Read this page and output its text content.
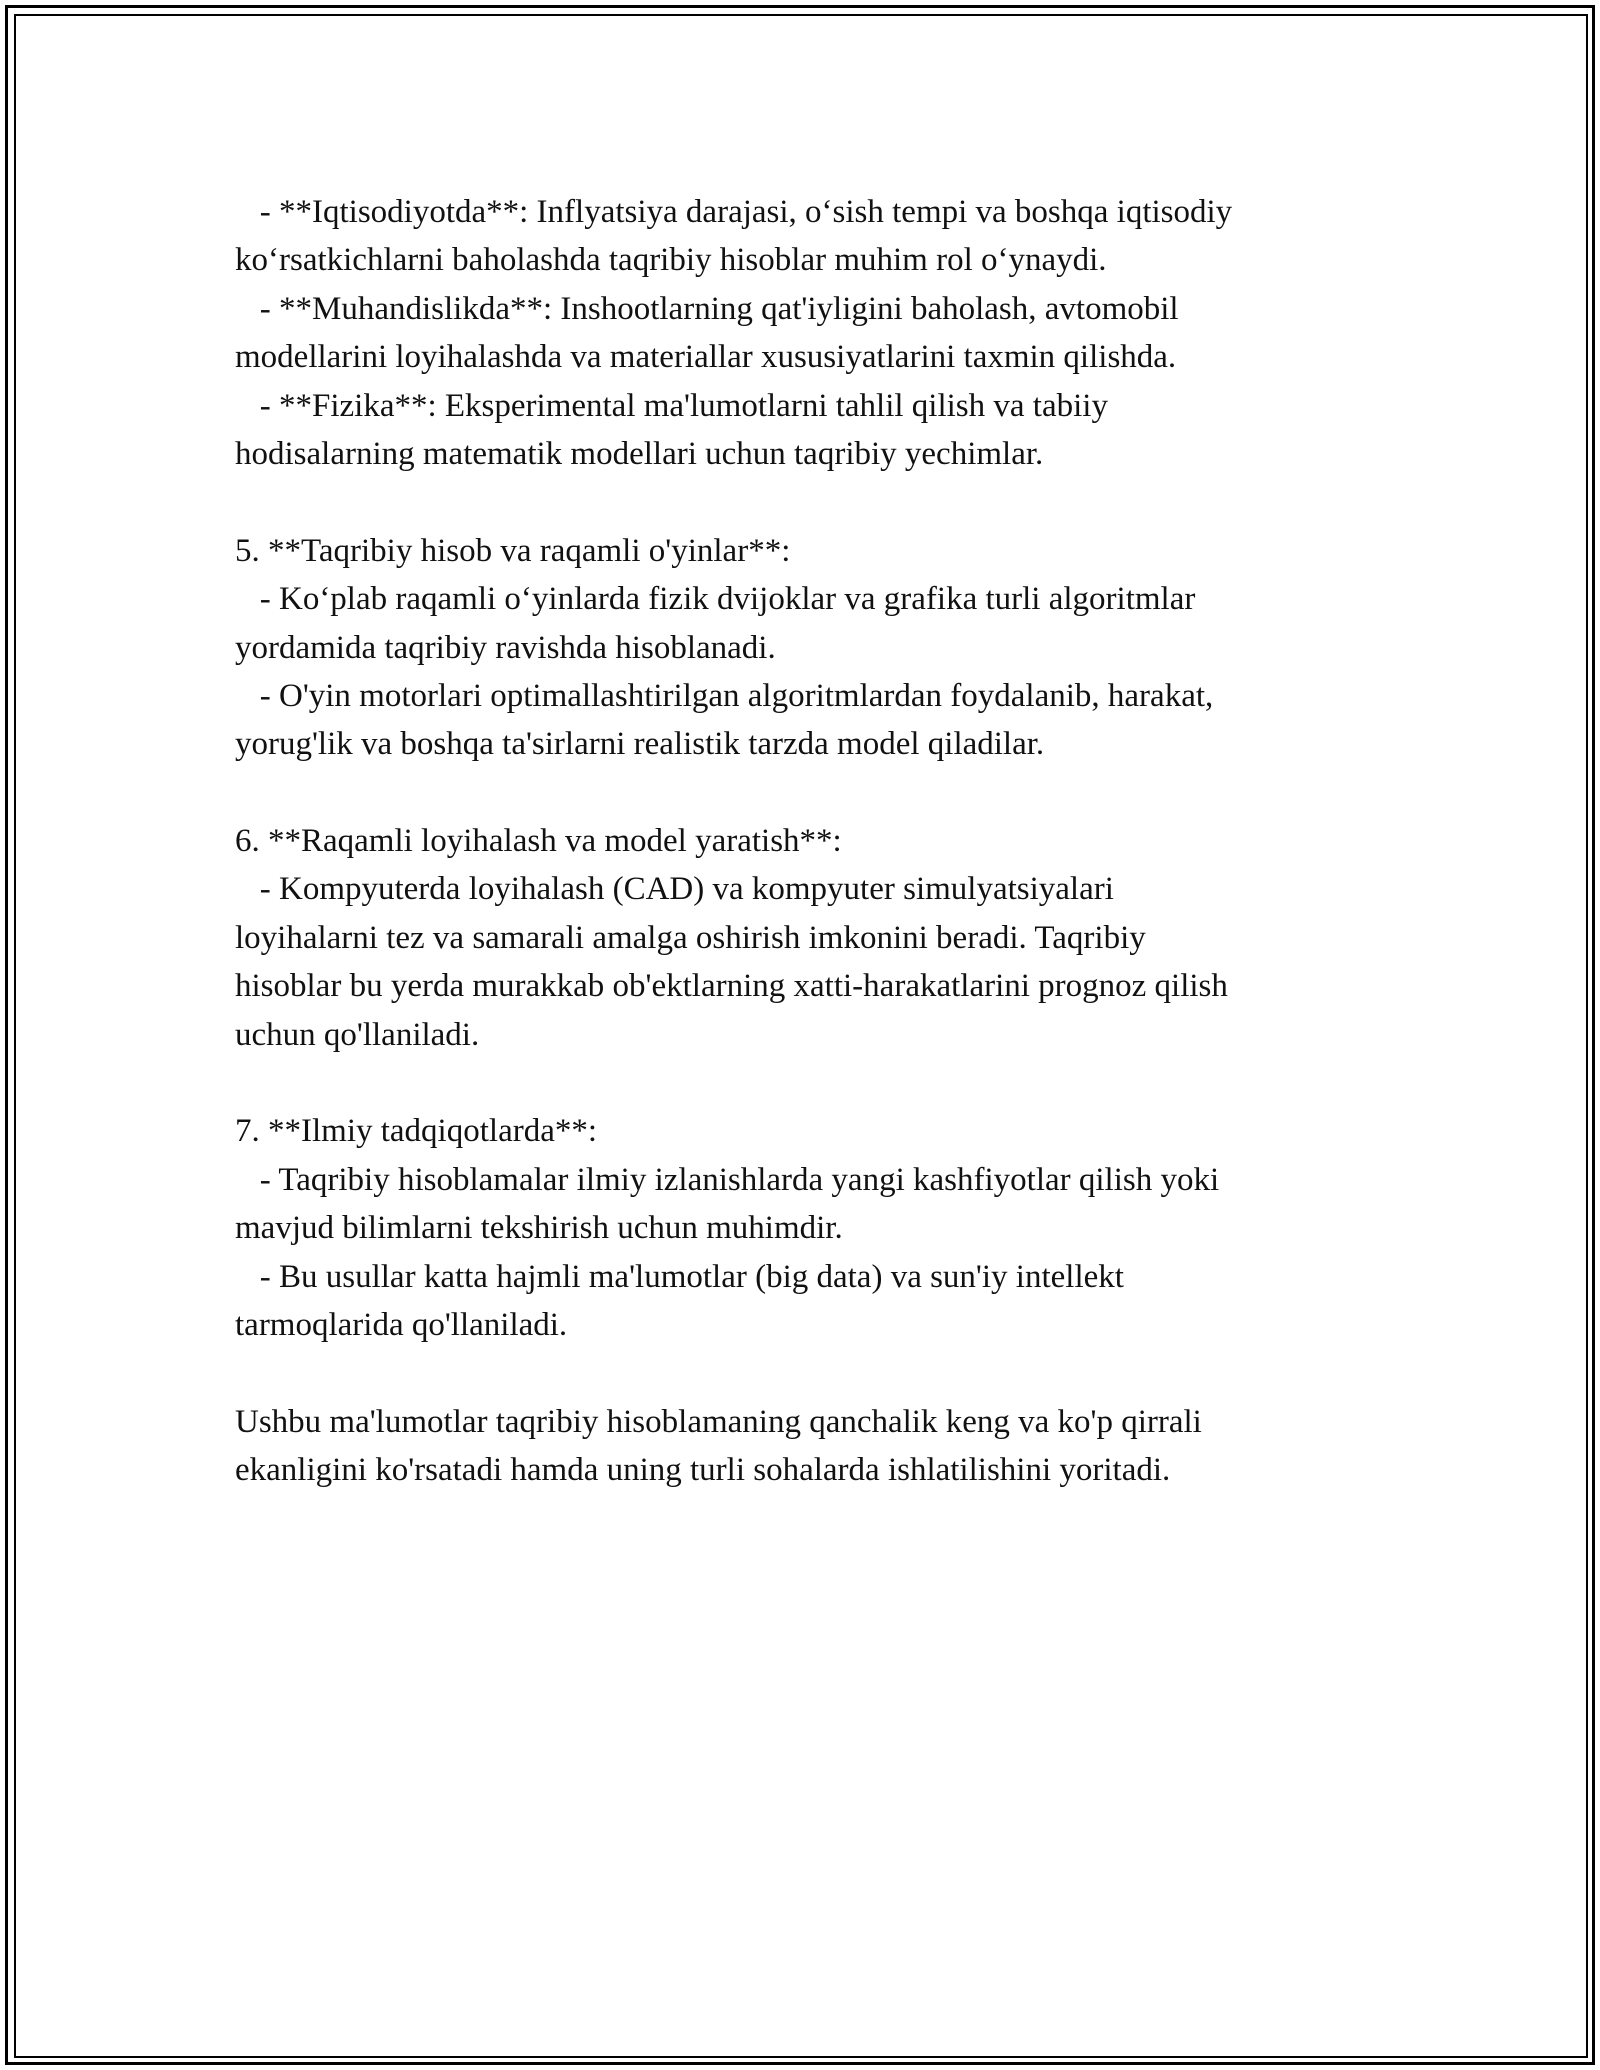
- **Iqtisodiyotda**: Inflyatsiya darajasi, o‘sish tempi va boshqa iqtisodiy
ko‘rsatkichlarni baholashda taqribiy hisoblar muhim rol o‘ynaydi.
- **Muhandislikda**: Inshootlarning qat'iyligini baholash, avtomobil
modellarini loyihalashda va materiallar xususiyatlarini taxmin qilishda.
- **Fizika**: Eksperimental ma'lumotlarni tahlil qilish va tabiiy
hodisalarning matematik modellari uchun taqribiy yechimlar.
5. **Taqribiy hisob va raqamli o'yinlar**:
- Ko‘plab raqamli o‘yinlarda fizik dvijoklar va grafika turli algoritmlar
yordamida taqribiy ravishda hisoblanadi.
- O'yin motorlari optimallashtirilgan algoritmlardan foydalanib, harakat,
yorug'lik va boshqa ta'sirlarni realistik tarzda model qiladilar.
6. **Raqamli loyihalash va model yaratish**:
- Kompyuterda loyihalash (CAD) va kompyuter simulyatsiyalari
loyihalarni tez va samarali amalga oshirish imkonini beradi. Taqribiy
hisoblar bu yerda murakkab ob'ektlarning xatti-harakatlarini prognoz qilish
uchun qo'llaniladi.
7. **Ilmiy tadqiqotlarda**:
- Taqribiy hisoblamalar ilmiy izlanishlarda yangi kashfiyotlar qilish yoki
mavjud bilimlarni tekshirish uchun muhimdir.
- Bu usullar katta hajmli ma'lumotlar (big data) va sun'iy intellekt
tarmoqlarida qo'llaniladi.
Ushbu ma'lumotlar taqribiy hisoblamaning qanchalik keng va ko'p qirrali
ekanligini ko'rsatadi hamda uning turli sohalarda ishlatilishini yoritadi.
